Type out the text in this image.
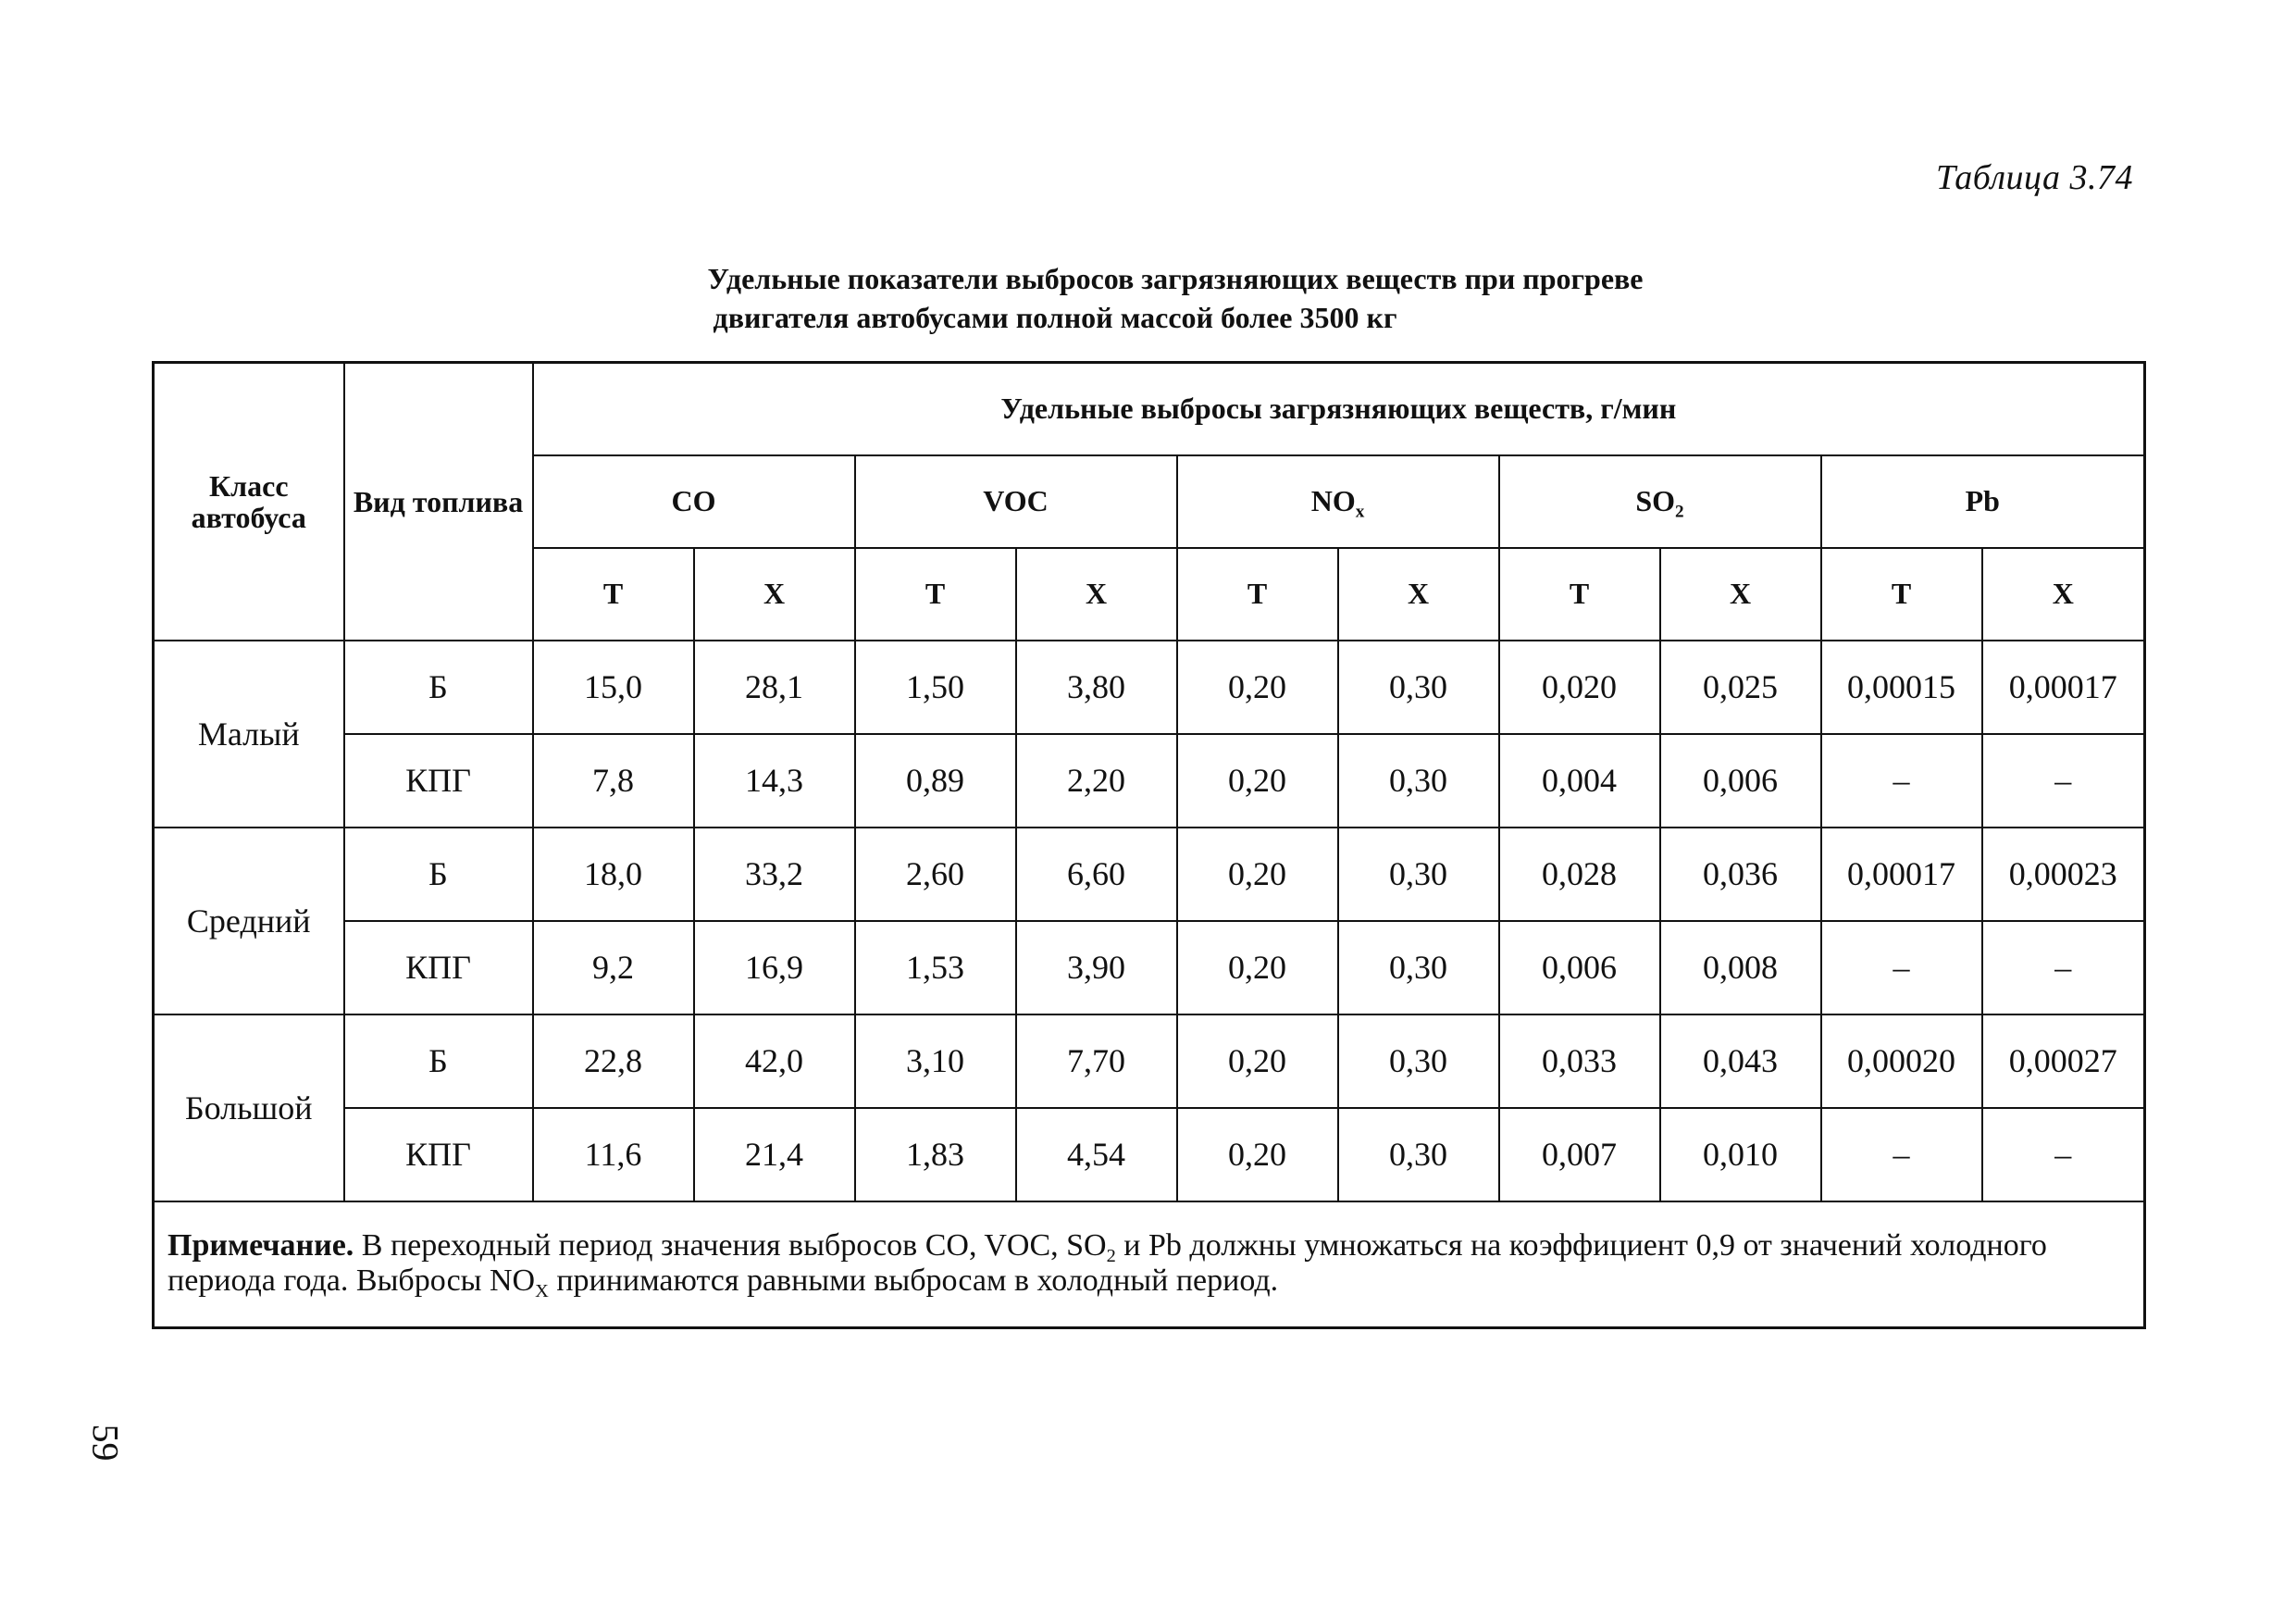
Таблица 3.74
Удельные показатели выбросов загрязняющих веществ при прогреве
двигателя автобусами полной массой более 3500 кг
Класс автобуса	Вид топлива	Удельные выбросы загрязняющих веществ, г/мин									
		CO		VOC		$NO_x$		$SO_2$		Pb	
		Т	Х	Т	Х	Т	Х	Т	Х	Т	Х
Малый	Б	15,0	28,1	1,50	3,80	0,20	0,30	0,020	0,025	0,00015	0,00017
	КПГ	7,8	14,3	0,89	2,20	0,20	0,30	0,004	0,006	–	–
Средний	Б	18,0	33,2	2,60	6,60	0,20	0,30	0,028	0,036	0,00017	0,00023
	КПГ	9,2	16,9	1,53	3,90	0,20	0,30	0,006	0,008	–	–
Большой	Б	22,8	42,0	3,10	7,70	0,20	0,30	0,033	0,043	0,00020	0,00027
	КПГ	11,6	21,4	1,83	4,54	0,20	0,30	0,007	0,010	–	–
Примечание. В переходный период значения выбросов CO, VOC, $SO_2$ и Pb должны умножаться на коэффициент 0,9 от значений холодного периода года. Выбросы $NO_X$ принимаются равными выбросам в холодный период.											
59
